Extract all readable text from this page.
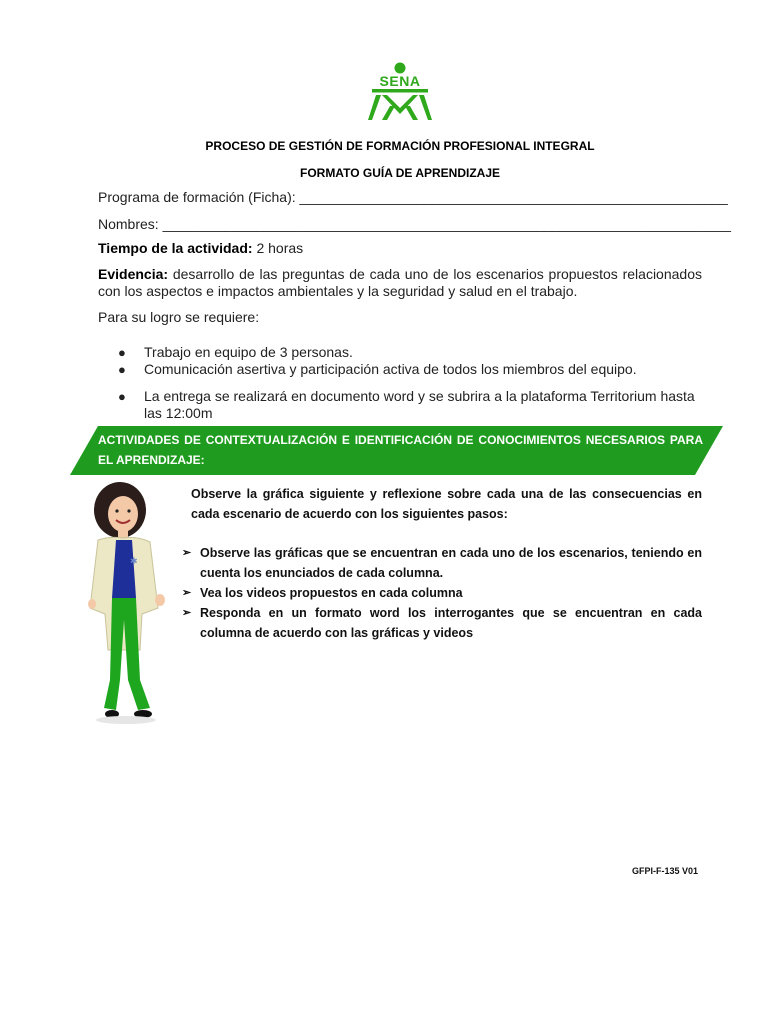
SENA
PROCESO DE GESTIÓN DE FORMACIÓN PROFESIONAL INTEGRAL
FORMATO GUÍA DE APRENDIZAJE
Programa de formación (Ficha): _______________________________________________________
Nombres: _________________________________________________________________________
Tiempo de la actividad: 2 horas
Evidencia: desarrollo de las preguntas de cada uno de los escenarios propuestos relacionados con los aspectos e impactos ambientales y la seguridad y salud en el trabajo.
Para su logro se requiere:
● Trabajo en equipo de 3 personas.
● Comunicación asertiva y participación activa de todos los miembros del equipo.
● La entrega se realizará en documento word y se subrira a la plataforma Territorium hasta las 12:00m
ACTIVIDADES DE CONTEXTUALIZACIÓN E IDENTIFICACIÓN DE CONOCIMIENTOS NECESARIOS PARA EL APRENDIZAJE:
✱
Observe la gráfica siguiente y reflexione sobre cada una de las consecuencias en cada escenario de acuerdo con los siguientes pasos:
➢ Observe las gráficas que se encuentran en cada uno de los escenarios, teniendo en cuenta los enunciados de cada columna.
➢ Vea los videos propuestos en cada columna
➢ Responda en un formato word los interrogantes que se encuentran en cada columna de acuerdo con las gráficas y videos
GFPI-F-135 V01
